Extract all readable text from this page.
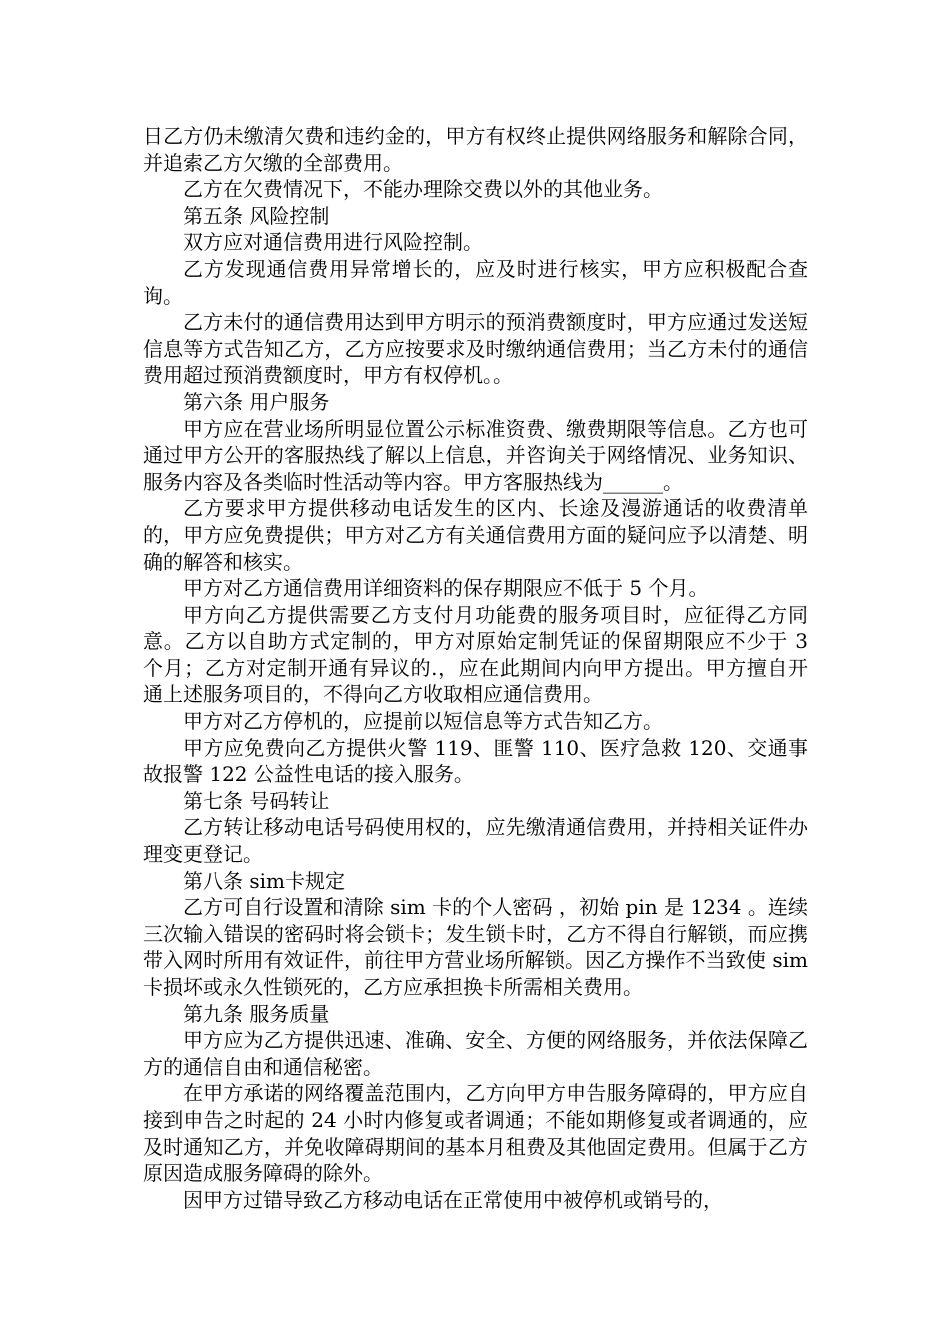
日乙方仍未缴清欠费和违约金的，甲方有权终止提供网络服务和解除合同，并追索乙方欠缴的全部费用。

乙方在欠费情况下，不能办理除交费以外的其他业务。

第五条 风险控制

双方应对通信费用进行风险控制。

乙方发现通信费用异常增长的，应及时进行核实，甲方应积极配合查询。

乙方未付的通信费用达到甲方明示的预消费额度时，甲方应通过发送短信息等方式告知乙方，乙方应按要求及时缴纳通信费用；当乙方未付的通信费用超过预消费额度时，甲方有权停机。。

第六条 用户服务

甲方应在营业场所明显位置公示标准资费、缴费期限等信息。乙方也可通过甲方公开的客服热线了解以上信息，并咨询关于网络情况、业务知识、服务内容及各类临时性活动等内容。甲方客服热线为______。

乙方要求甲方提供移动电话发生的区内、长途及漫游通话的收费清单的，甲方应免费提供；甲方对乙方有关通信费用方面的疑问应予以清楚、明确的解答和核实。

甲方对乙方通信费用详细资料的保存期限应不低于 5 个月。

甲方向乙方提供需要乙方支付月功能费的服务项目时，应征得乙方同意。乙方以自助方式定制的，甲方对原始定制凭证的保留期限应不少于 3 个月；乙方对定制开通有异议的.，应在此期间内向甲方提出。甲方擅自开通上述服务项目的，不得向乙方收取相应通信费用。

甲方对乙方停机的，应提前以短信息等方式告知乙方。

甲方应免费向乙方提供火警 119、匪警 110、医疗急救 120、交通事故报警 122 公益性电话的接入服务。

第七条 号码转让

乙方转让移动电话号码使用权的，应先缴清通信费用，并持相关证件办理变更登记。

第八条 sim卡规定

乙方可自行设置和清除 sim 卡的个人密码 ，初始 pin 是 1234 。连续三次输入错误的密码时将会锁卡；发生锁卡时，乙方不得自行解锁，而应携带入网时所用有效证件，前往甲方营业场所解锁。因乙方操作不当致使 sim 卡损坏或永久性锁死的，乙方应承担换卡所需相关费用。

第九条 服务质量

甲方应为乙方提供迅速、准确、安全、方便的网络服务，并依法保障乙方的通信自由和通信秘密。

在甲方承诺的网络覆盖范围内，乙方向甲方申告服务障碍的，甲方应自接到申告之时起的 24 小时内修复或者调通；不能如期修复或者调通的，应及时通知乙方，并免收障碍期间的基本月租费及其他固定费用。但属于乙方原因造成服务障碍的除外。

因甲方过错导致乙方移动电话在正常使用中被停机或销号的，
